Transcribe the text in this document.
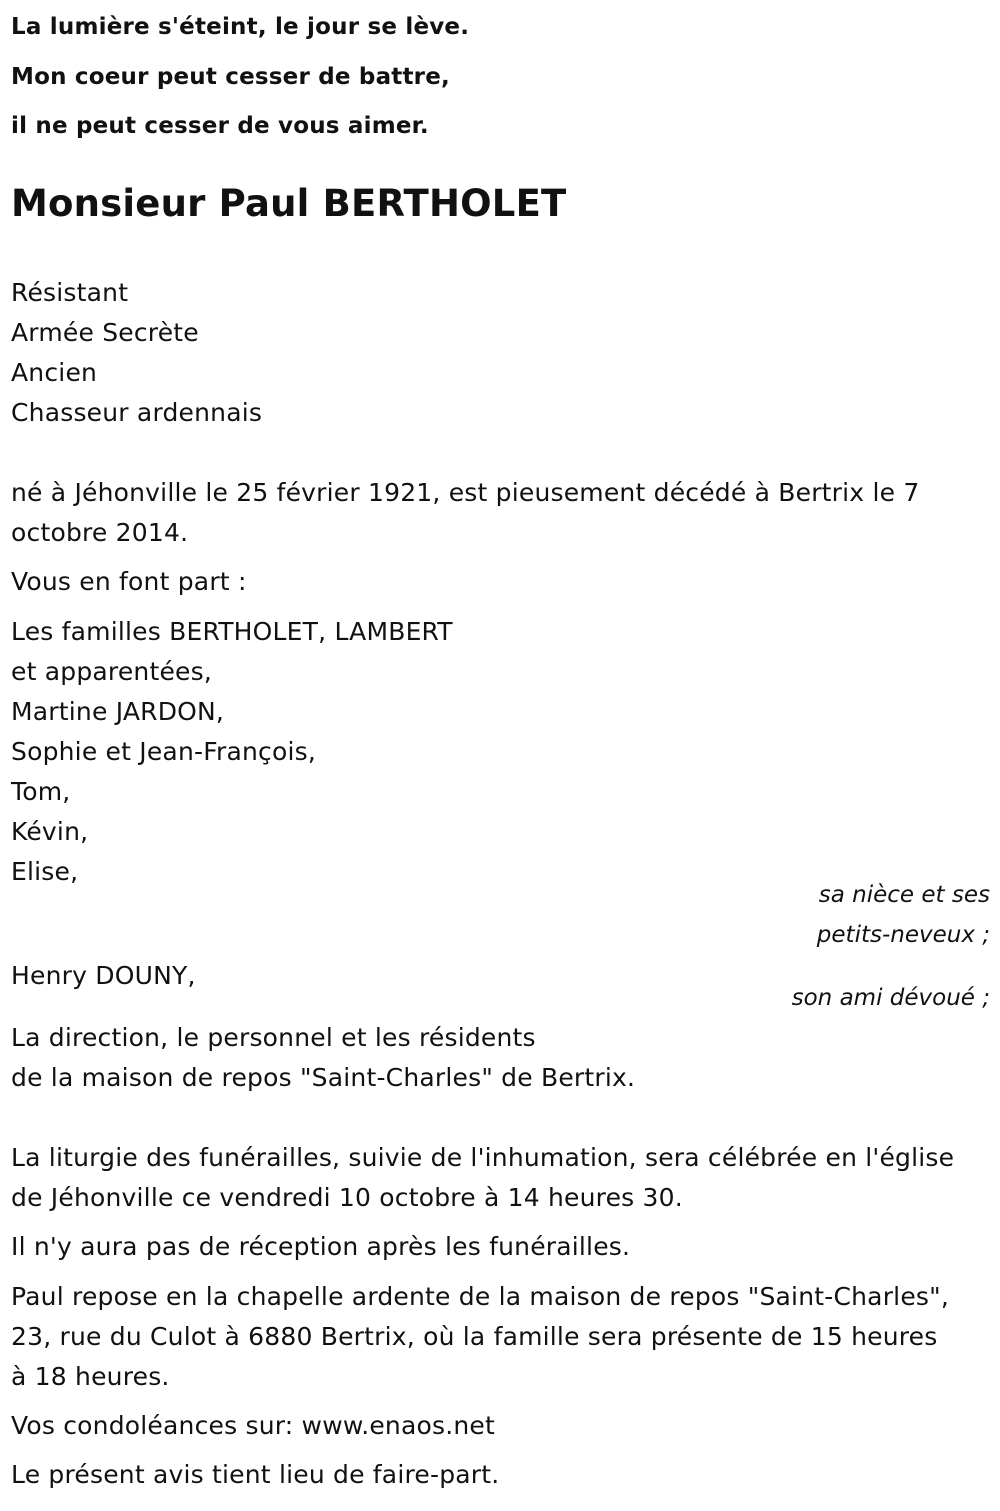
La lumière s'éteint, le jour se lève.
Mon coeur peut cesser de battre,
il ne peut cesser de vous aimer.
Monsieur Paul BERTHOLET
Résistant
Armée Secrète
Ancien
Chasseur ardennais
né à Jéhonville le 25 février 1921, est pieusement décédé à Bertrix le 7
octobre 2014.
Vous en font part :
Les familles BERTHOLET, LAMBERT
et apparentées,
Martine JARDON,
Sophie et Jean-François,
Tom,
Kévin,
Elise,
sa nièce et ses
petits-neveux ;
Henry DOUNY,
son ami dévoué ;
La direction, le personnel et les résidents
de la maison de repos "Saint-Charles" de Bertrix.
La liturgie des funérailles, suivie de l'inhumation, sera célébrée en l'église
de Jéhonville ce vendredi 10 octobre à 14 heures 30.
Il n'y aura pas de réception après les funérailles.
Paul repose en la chapelle ardente de la maison de repos "Saint-Charles",
23, rue du Culot à 6880 Bertrix, où la famille sera présente de 15 heures
à 18 heures.
Vos condoléances sur: www.enaos.net
Le présent avis tient lieu de faire-part.
